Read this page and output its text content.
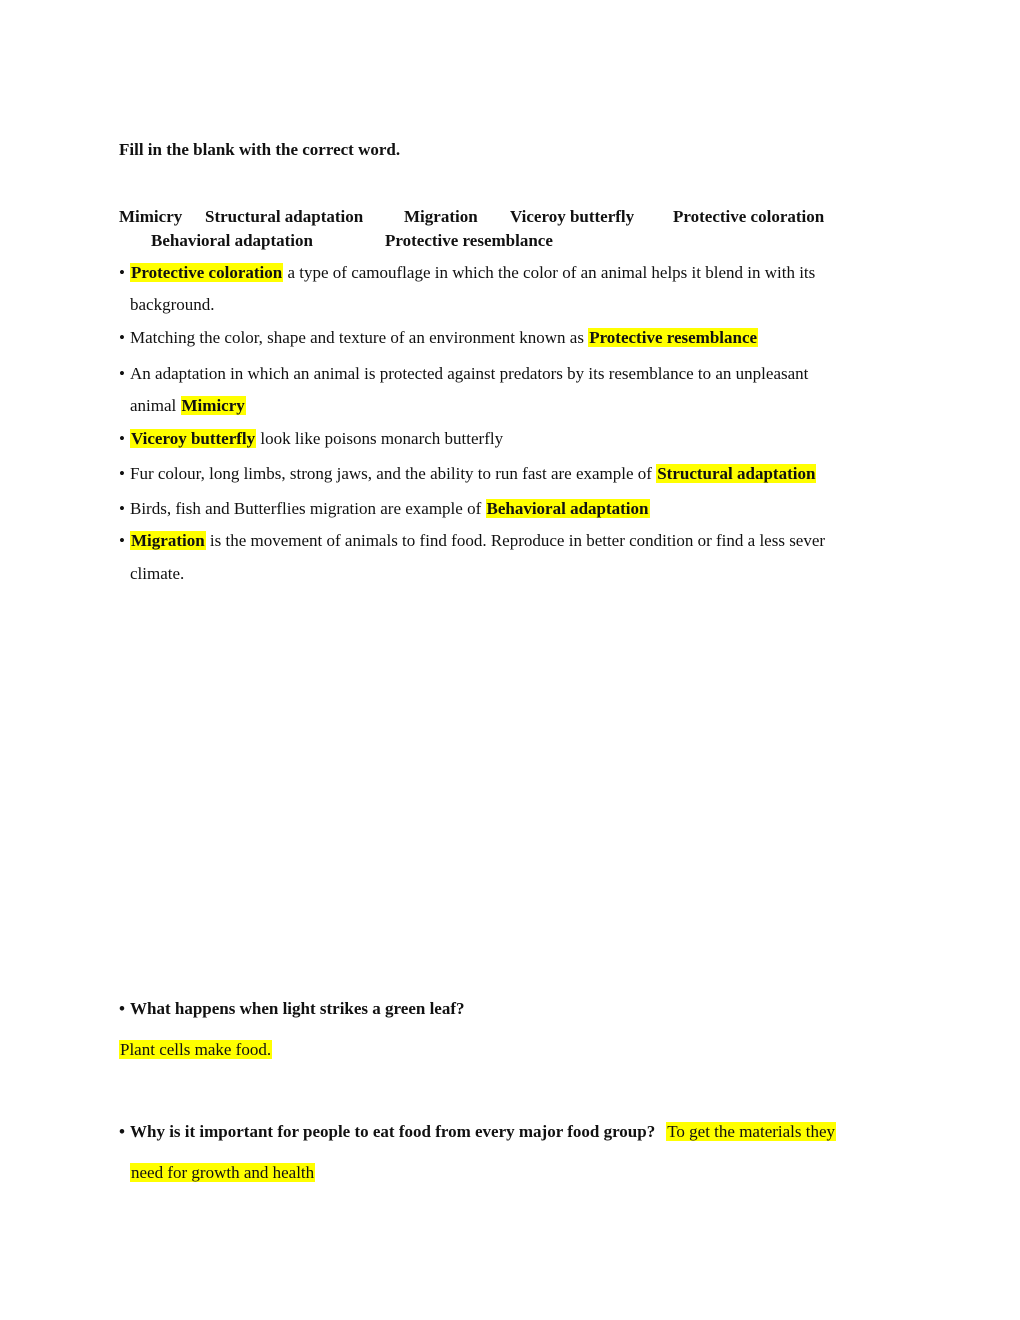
Fill in the blank with the correct word.
Mimicry Structural adaptation Migration Viceroy butterfly Protective coloration
Behavioral adaptation	Protective resemblance
• Protective coloration a type of camouflage in which the color of an animal helps it blend in with its
background.
• Matching the color, shape and texture of an environment known as Protective resemblance
• An adaptation in which an animal is protected against predators by its resemblance to an unpleasant
animal Mimicry
• Viceroy butterfly look like poisons monarch butterfly
• Fur colour, long limbs, strong jaws, and the ability to run fast are example of Structural adaptation
• Birds, fish and Butterflies migration are example of Behavioral adaptation
• Migration is the movement of animals to find food. Reproduce in better condition or find a less sever
climate.
• What happens when light strikes a green leaf?
Plant cells make food.
• Why is it important for people to eat food from every major food group? To get the materials they
need for growth and health
